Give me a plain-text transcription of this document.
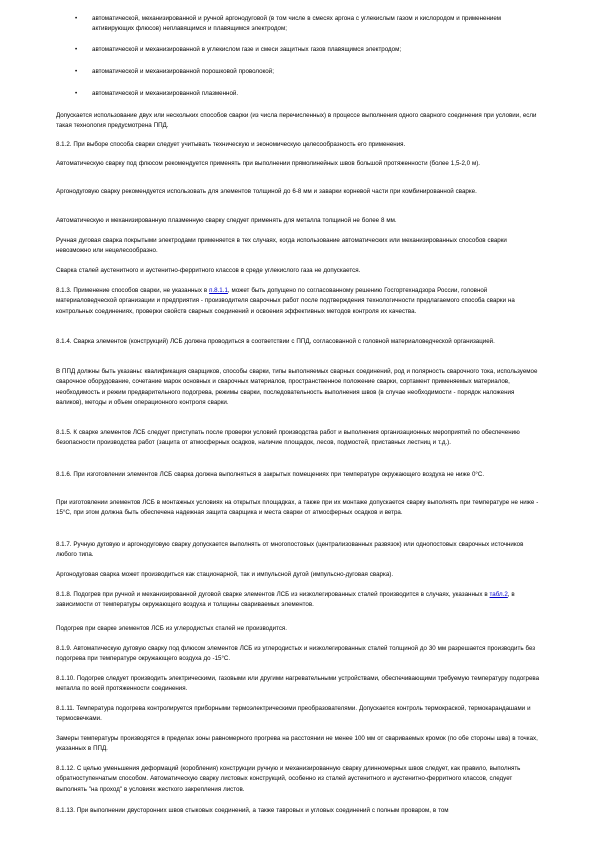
• автоматической, механизированной и ручной аргонодуговой (в том числе в смесях аргона с углекислым газом и кислородом и применением активирующих флюсов) неплавящимся и плавящимся электродом;

• автоматической и механизированной в углекислом газе и смеси защитных газов плавящимся электродом;

• автоматической и механизированной порошковой проволокой;

• автоматической и механизированной плазменной.

Допускается использование двух или нескольких способов сварки (из числа перечисленных) в процессе выполнения одного сварного соединения при условии, если такая технология предусмотрена ППД.

8.1.2. При выборе способа сварки следует учитывать техническую и экономическую целесообразность его применения.

Автоматическую сварку под флюсом рекомендуется применять при выполнении прямолинейных швов большой протяженности (более 1,5-2,0 м).

Аргонодуговую сварку рекомендуется использовать для элементов толщиной до 6-8 мм и заварки корневой части при комбинированной сварке.

Автоматическую и механизированную плазменную сварку следует применять для металла толщиной не более 8 мм.

Ручная дуговая сварка покрытыми электродами применяется в тех случаях, когда использование автоматических или механизированных способов сварки невозможно или нецелесообразно.

Сварка сталей аустенитного и аустенитно-ферритного классов в среде углекислого газа не допускается.

8.1.3. Применение способов сварки, не указанных в п.8.1.1, может быть допущено по согласованному решению Госгортехнадзора России, головной материаловедческой организации и предприятия - производителя сварочных работ после подтверждения технологичности предлагаемого способа сварки на контрольных соединениях, проверки свойств сварных соединений и освоения эффективных методов контроля их качества.

8.1.4. Сварка элементов (конструкций) ЛСБ должна проводиться в соответствии с ППД, согласованной с головной материаловедческой организацией.

В ППД должны быть указаны: квалификация сварщиков, способы сварки, типы выполняемых сварных соединений, род и полярность сварочного тока, используемое сварочное оборудование, сочетание марок основных и сварочных материалов, пространственное положение сварки, сортамент применяемых материалов, необходимость и режим предварительного подогрева, режимы сварки, последовательность выполнения швов (в случае необходимости - порядок наложения валиков), методы и объем операционного контроля сварки.

8.1.5. К сварке элементов ЛСБ следует приступать после проверки условий производства работ и выполнения организационных мероприятий по обеспечению безопасности производства работ (защита от атмосферных осадков, наличие площадок, лесов, подмостей, приставных лестниц и т.д.).

8.1.6. При изготовлении элементов ЛСБ сварка должна выполняться в закрытых помещениях при температуре окружающего воздуха не ниже 0°С.

При изготовлении элементов ЛСБ в монтажных условиях на открытых площадках, а также при их монтаже допускается сварку выполнять при температуре не ниже - 15°С, при этом должна быть обеспечена надежная защита сварщика и места сварки от атмосферных осадков и ветра.

8.1.7. Ручную дуговую и аргонодуговую сварку допускается выполнять от многопостовых (централизованных развязок) или однопостовых сварочных источников любого типа.

Аргонодуговая сварка может производиться как стационарной, так и импульсной дугой (импульсно-дуговая сварка).

8.1.8. Подогрев при ручной и механизированной дуговой сварке элементов ЛСБ из низколегированных сталей производится в случаях, указанных в табл.2, в зависимости от температуры окружающего воздуха и толщины свариваемых элементов.

Подогрев при сварке элементов ЛСБ из углеродистых сталей не производится.

8.1.9. Автоматическую дуговую сварку под флюсом элементов ЛСБ из углеродистых и низколегированных сталей толщиной до 30 мм разрешается производить без подогрева при температуре окружающего воздуха до -15°С.

8.1.10. Подогрев следует производить электрическими, газовыми или другими нагревательными устройствами, обеспечивающими требуемую температуру подогрева металла по всей протяженности соединения.

8.1.11. Температура подогрева контролируется приборными термоэлектрическими преобразователями. Допускается контроль термокраской, термокарандашами и термосвечками.

Замеры температуры производятся в пределах зоны равномерного прогрева на расстоянии не менее 100 мм от свариваемых кромок (по обе стороны шва) в точках, указанных в ППД.

8.1.12. С целью уменьшения деформаций (коробления) конструкции ручную и механизированную сварку длинномерных швов следует, как правило, выполнять обратноступенчатым способом. Автоматическую сварку листовых конструкций, особенно из сталей аустенитного и аустенитно-ферритного классов, следует выполнять "на проход" в условиях жесткого закрепления листов.

8.1.13. При выполнении двусторонних швов стыковых соединений, а также тавровых и угловых соединений с полным проваром, в том
